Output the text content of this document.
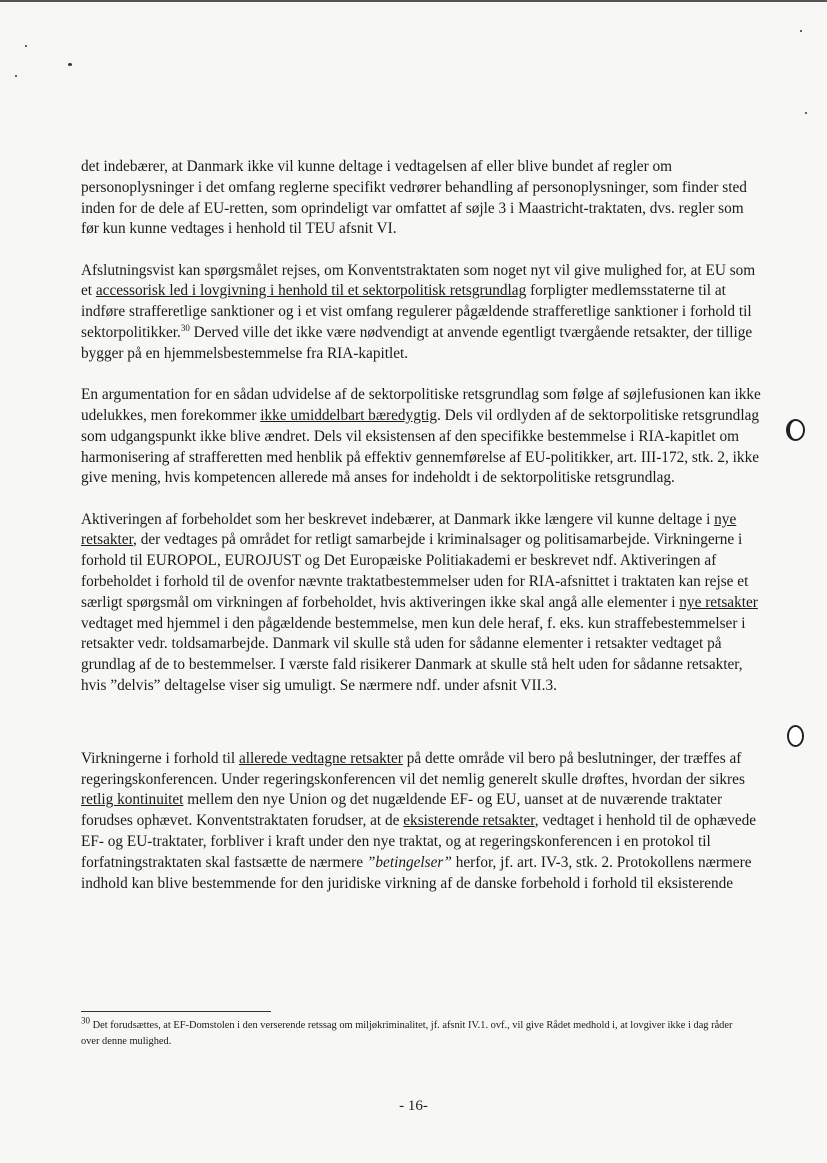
det indebærer, at Danmark ikke vil kunne deltage i vedtagelsen af eller blive bundet af regler om personoplysninger i det omfang reglerne specifikt vedrører behandling af personoplysninger, som finder sted inden for de dele af EU-retten, som oprindeligt var omfattet af søjle 3 i Maastricht-traktaten, dvs. regler som før kun kunne vedtages i henhold til TEU afsnit VI.

Afslutningsvist kan spørgsmålet rejses, om Konventstraktaten som noget nyt vil give mulighed for, at EU som et accessorisk led i lovgivning i henhold til et sektorpolitisk retsgrundlag forpligter medlemsstaterne til at indføre strafferetlige sanktioner og i et vist omfang regulerer pågældende strafferetlige sanktioner i forhold til sektorpolitikker.$^{30}$ Derved ville det ikke være nødvendigt at anvende egentligt tværgående retsakter, der tillige bygger på en hjemmelsbestemmelse fra RIA-kapitlet.

En argumentation for en sådan udvidelse af de sektorpolitiske retsgrundlag som følge af søjlefusionen kan ikke udelukkes, men forekommer ikke umiddelbart bæredygtig. Dels vil ordlyden af de sektorpolitiske retsgrundlag som udgangspunkt ikke blive ændret. Dels vil eksistensen af den specifikke bestemmelse i RIA-kapitlet om harmonisering af strafferetten med henblik på effektiv gennemførelse af EU-politikker, art. III-172, stk. 2, ikke give mening, hvis kompetencen allerede må anses for indeholdt i de sektorpolitiske retsgrundlag.

Aktiveringen af forbeholdet som her beskrevet indebærer, at Danmark ikke længere vil kunne deltage i nye retsakter, der vedtages på området for retligt samarbejde i kriminalsager og politisamarbejde. Virkningerne i forhold til EUROPOL, EUROJUST og Det Europæiske Politiakademi er beskrevet ndf. Aktiveringen af forbeholdet i forhold til de ovenfor nævnte traktatbestemmelser uden for RIA-afsnittet i traktaten kan rejse et særligt spørgsmål om virkningen af forbeholdet, hvis aktiveringen ikke skal angå alle elementer i nye retsakter vedtaget med hjemmel i den pågældende bestemmelse, men kun dele heraf, f. eks. kun straffebestemmelser i retsakter vedr. toldsamarbejde. Danmark vil skulle stå uden for sådanne elementer i retsakter vedtaget på grundlag af de to bestemmelser. I værste fald risikerer Danmark at skulle stå helt uden for sådanne retsakter, hvis ”delvis” deltagelse viser sig umuligt. Se nærmere ndf. under afsnit VII.3.

Virkningerne i forhold til allerede vedtagne retsakter på dette område vil bero på beslutninger, der træffes af regeringskonferencen. Under regeringskonferencen vil det nemlig generelt skulle drøftes, hvordan der sikres retlig kontinuitet mellem den nye Union og det nugældende EF- og EU, uanset at de nuværende traktater forudses ophævet. Konventstraktaten forudser, at de eksisterende retsakter, vedtaget i henhold til de ophævede EF- og EU-traktater, forbliver i kraft under den nye traktat, og at regeringskonferencen i en protokol til forfatningstraktaten skal fastsætte de nærmere ”betingelser” herfor, jf. art. IV-3, stk. 2. Protokollens nærmere indhold kan blive bestemmende for den juridiske virkning af de danske forbehold i forhold til eksisterende

$^{30}$ Det forudsættes, at EF-Domstolen i den verserende retssag om miljøkriminalitet, jf. afsnit IV.1. ovf., vil give Rådet medhold i, at lovgiver ikke i dag råder over denne mulighed.
- 16-
